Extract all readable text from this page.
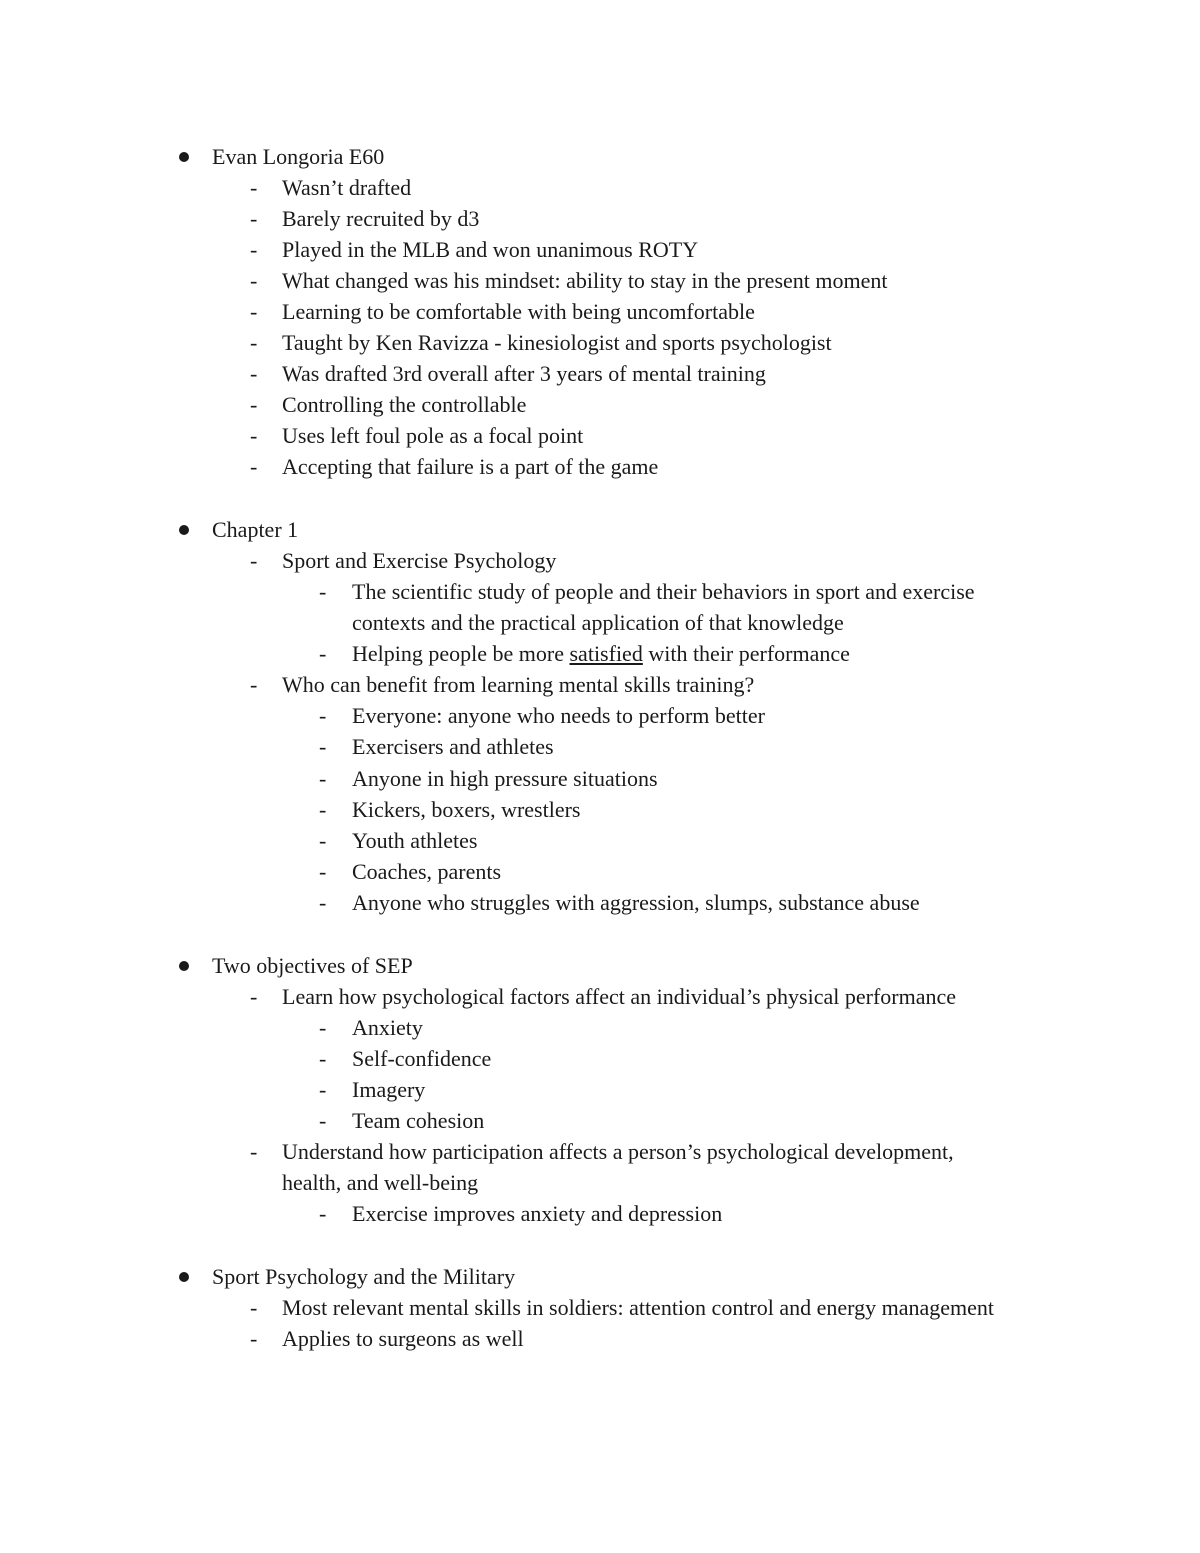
Evan Longoria E60
- Wasn’t drafted
- Barely recruited by d3
- Played in the MLB and won unanimous ROTY
- What changed was his mindset: ability to stay in the present moment
- Learning to be comfortable with being uncomfortable
- Taught by Ken Ravizza - kinesiologist and sports psychologist
- Was drafted 3rd overall after 3 years of mental training
- Controlling the controllable
- Uses left foul pole as a focal point
- Accepting that failure is a part of the game
Chapter 1
- Sport and Exercise Psychology
- The scientific study of people and their behaviors in sport and exercise
contexts and the practical application of that knowledge
- Helping people be more satisfied with their performance
- Who can benefit from learning mental skills training?
- Everyone: anyone who needs to perform better
- Exercisers and athletes
- Anyone in high pressure situations
- Kickers, boxers, wrestlers
- Youth athletes
- Coaches, parents
- Anyone who struggles with aggression, slumps, substance abuse
Two objectives of SEP
- Learn how psychological factors affect an individual’s physical performance
- Anxiety
- Self-confidence
- Imagery
- Team cohesion
- Understand how participation affects a person’s psychological development,
health, and well-being
- Exercise improves anxiety and depression
Sport Psychology and the Military
- Most relevant mental skills in soldiers: attention control and energy management
- Applies to surgeons as well
